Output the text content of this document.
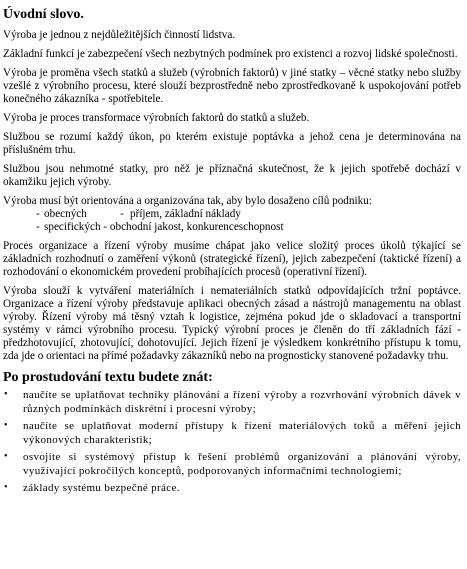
Úvodní slovo.

Výroba je jednou z nejdůležitějších činností lidstva.

Základní funkcí je zabezpečení všech nezbytných podmínek pro existenci a rozvoj lidské společnosti.

Výroba je proměna všech statků a služeb (výrobních faktorů) v jiné statky – věcné statky nebo služby vzešlé z výrobního procesu, které slouží bezprostředně nebo zprostředkovaně k uspokojování potřeb konečného zákazníka - spotřebitele.

Výroba je proces transformace výrobních faktorů do statků a služeb.

Službou se rozumí každý úkon, po kterém existuje poptávka a jehož cena je determinována na příslušném trhu.

Službou jsou nehmotné statky, pro něž je příznačná skutečnost, že k jejich spotřebě dochází v okamžiku jejich výroby.

Výroba musí být orientována a organizována tak, aby bylo dosaženo cílů podniku:

- obecných	- příjem, základní náklady
- specifických - obchodní jakost, konkurenceschopnost

Proces organizace a řízení výroby musíme chápat jako velice složitý proces úkolů týkající se základních rozhodnutí o zaměření výkonů (strategické řízení), jejich zabezpečení (taktické řízení) a rozhodování o ekonomickém provedení probíhajících procesů (operativní řízení).

Výroba slouží k vytváření materiálních i nemateriálních statků odpovídajících tržní poptávce. Organizace a řízení výroby představuje aplikaci obecných zásad a nástrojů managementu na oblast výroby. Řízení výroby má těsný vztah k logistice, zejména pokud jde o skladovací a transportní systémy v rámci výrobního procesu. Typický výrobní proces je členěn do tří základních fází - předzhotovující, zhotovující, dohotovující. Jejich řízení je výsledkem konkrétního přístupu k tomu, zda jde o orientaci na přímé požadavky zákazníků nebo na prognosticky stanovené požadavky trhu.

Po prostudování textu budete znát:
• naučíte se uplatňovat techniky plánování a řízení výroby a rozvrhování výrobních dávek v různých podmínkách diskrétní i procesní výroby;
• naučíte se uplatňovat moderní přístupy k řízení materiálových toků a měření jejich výkonových charakteristik;
• osvojíte si systémový přístup k řešení problémů organizování a plánování výroby, využívající pokročilých konceptů, podporovaných informačními technologiemi;
• základy systému bezpečné práce.
